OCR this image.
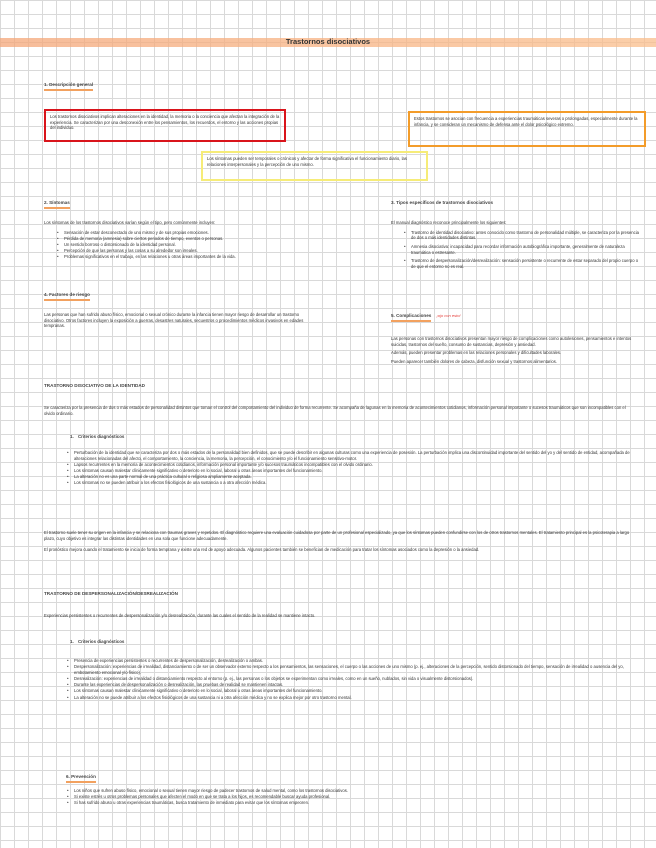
Trastornos disociativos
1. Descripción general

Los trastornos disociativos implican alteraciones en la identidad, la memoria o la conciencia que afectan la integración de la experiencia. Se caracterizan por una desconexión entre los pensamientos, los recuerdos, el entorno y las acciones propias del individuo.

Estos trastornos se asocian con frecuencia a experiencias traumáticas severas o prolongadas, especialmente durante la infancia, y se consideran un mecanismo de defensa ante el dolor psicológico extremo.

Los síntomas pueden ser temporales o crónicos y afectar de forma significativa el funcionamiento diario, las relaciones interpersonales y la percepción de uno mismo.

2. Síntomas

Los síntomas de los trastornos disociativos varían según el tipo, pero comúnmente incluyen:

• Sensación de estar desconectado de uno mismo y de sus propias emociones.
• Pérdida de memoria (amnesia) sobre ciertos periodos de tiempo, eventos o personas.
• Un sentido borroso o distorsionado de la identidad personal.
• Percepción de que las personas y las cosas a su alrededor son irreales.
• Problemas significativos en el trabajo, en las relaciones u otras áreas importantes de la vida.
3. Tipos específicos de trastornos disociativos

El manual diagnóstico reconoce principalmente los siguientes:

• Trastorno de identidad disociativo: antes conocido como trastorno de personalidad múltiple, se caracteriza por la presencia de dos o más identidades distintas.
• Amnesia disociativa: incapacidad para recordar información autobiográfica importante, generalmente de naturaleza traumática o estresante.
• Trastorno de despersonalización/desrealización: sensación persistente o recurrente de estar separado del propio cuerpo o de que el entorno no es real.
4. Factores de riesgo

Las personas que han sufrido abuso físico, emocional o sexual crónico durante la infancia tienen mayor riesgo de desarrollar un trastorno disociativo. Otros factores incluyen la exposición a guerras, desastres naturales, secuestros o procedimientos médicos invasivos en edades tempranas.

5. Complicaciones ¡ojo con esto!

Las personas con trastornos disociativos presentan mayor riesgo de complicaciones como autolesiones, pensamientos e intentos suicidas, trastornos del sueño, consumo de sustancias, depresión y ansiedad.

Además, pueden presentar problemas en las relaciones personales y dificultades laborales.

Pueden aparecer también dolores de cabeza, disfunción sexual y trastornos alimentarios.

TRASTORNO DISOCIATIVO DE LA IDENTIDAD

Se caracteriza por la presencia de dos o más estados de personalidad distintos que toman el control del comportamiento del individuo de forma recurrente. Se acompaña de lagunas en la memoria de acontecimientos cotidianos, información personal importante o sucesos traumáticos que son incompatibles con el olvido ordinario.

1. Criterios diagnósticos
• Perturbación de la identidad que se caracteriza por dos o más estados de la personalidad bien definidos, que se puede describir en algunas culturas como una experiencia de posesión. La perturbación implica una discontinuidad importante del sentido del yo y del sentido de entidad, acompañada de alteraciones relacionadas del afecto, el comportamiento, la conciencia, la memoria, la percepción, el conocimiento y/o el funcionamiento sensitivo-motor.
• Lapsos recurrentes en la memoria de acontecimientos cotidianos, información personal importante y/o sucesos traumáticos incompatibles con el olvido ordinario.
• Los síntomas causan malestar clínicamente significativo o deterioro en lo social, laboral u otras áreas importantes del funcionamiento.
• La alteración no es una parte normal de una práctica cultural o religiosa ampliamente aceptada.
• Los síntomas no se pueden atribuir a los efectos fisiológicos de una sustancia o a otra afección médica.

El trastorno suele tener su origen en la infancia y se relaciona con traumas graves y repetidos. El diagnóstico requiere una evaluación cuidadosa por parte de un profesional especializado, ya que los síntomas pueden confundirse con los de otros trastornos mentales. El tratamiento principal es la psicoterapia a largo plazo, cuyo objetivo es integrar las distintas identidades en una sola que funcione adecuadamente.

El pronóstico mejora cuando el tratamiento se inicia de forma temprana y existe una red de apoyo adecuada. Algunos pacientes también se benefician de medicación para tratar los síntomas asociados como la depresión o la ansiedad.

TRASTORNO DE DESPERSONALIZACIÓN/DESREALIZACIÓN

Experiencias persistentes o recurrentes de despersonalización y/o desrealización, durante las cuales el sentido de la realidad se mantiene intacto.

1. Criterios diagnósticos
• Presencia de experiencias persistentes o recurrentes de despersonalización, desrealización o ambas.
• Despersonalización: experiencias de irrealidad, distanciamiento o de ser un observador externo respecto a los pensamientos, las sensaciones, el cuerpo o las acciones de uno mismo (p. ej., alteraciones de la percepción, sentido distorsionado del tiempo, sensación de irrealidad o ausencia del yo, embotamiento emocional y/o físico).
• Desrealización: experiencias de irrealidad o distanciamiento respecto al entorno (p. ej., las personas o los objetos se experimentan como irreales, como en un sueño, nublados, sin vida o visualmente distorsionados).
• Durante las experiencias de despersonalización o desrealización, las pruebas de realidad se mantienen intactas.
• Los síntomas causan malestar clínicamente significativo o deterioro en lo social, laboral u otras áreas importantes del funcionamiento.
• La alteración no se puede atribuir a los efectos fisiológicos de una sustancia ni a otra afección médica y no se explica mejor por otro trastorno mental.
6. Prevención
• Los niños que sufren abuso físico, emocional o sexual tienen mayor riesgo de padecer trastornos de salud mental, como los trastornos disociativos.
• Si existe estrés u otros problemas personales que afecten el modo en que se trata a los hijos, es recomendable buscar ayuda profesional.
• Si has sufrido abuso u otras experiencias traumáticas, busca tratamiento de inmediato para evitar que los síntomas empeoren.
